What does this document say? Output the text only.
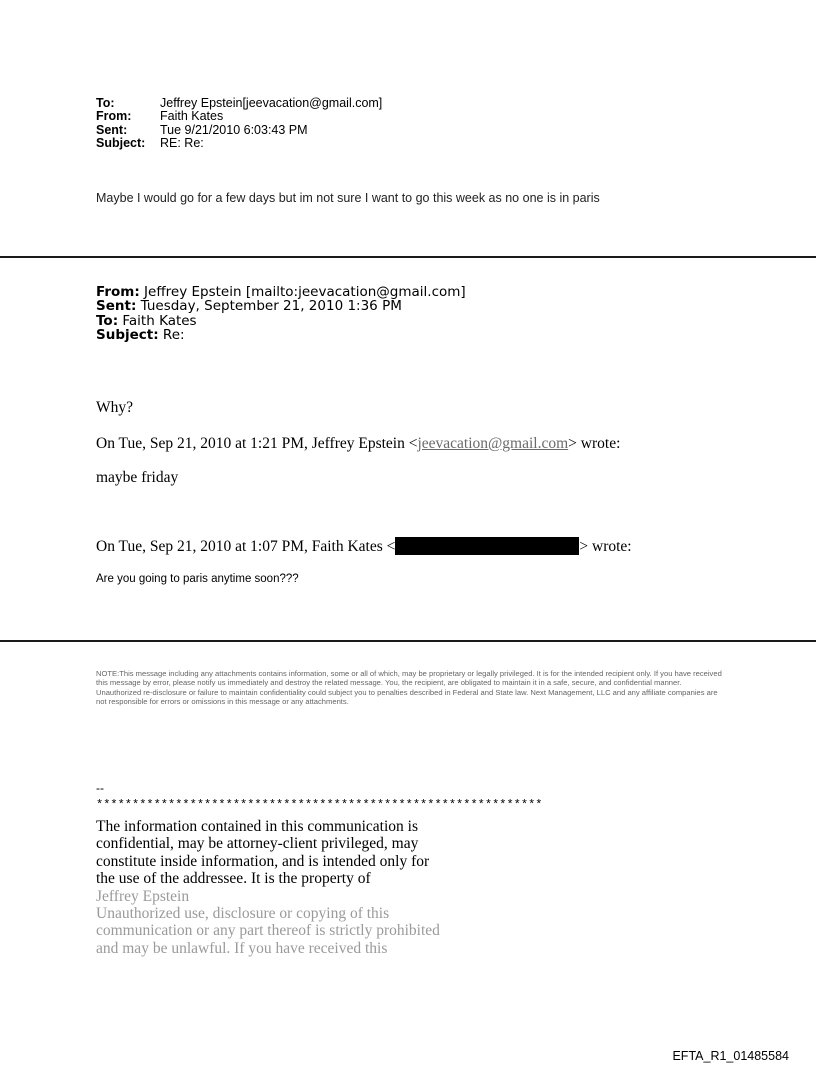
To:	Jeffrey Epstein[jeevacation@gmail.com]
From:	Faith Kates
Sent:	Tue 9/21/2010 6:03:43 PM
Subject:	RE: Re:
Maybe I would go for a few days but im not sure I want to go this week as no one is in paris
From: Jeffrey Epstein [mailto:jeevacation@gmail.com]
Sent: Tuesday, September 21, 2010 1:36 PM
To: Faith Kates
Subject: Re:
Why?
On Tue, Sep 21, 2010 at 1:21 PM, Jeffrey Epstein <jeevacation@gmail.com> wrote:
maybe friday
On Tue, Sep 21, 2010 at 1:07 PM, Faith Kates <	> wrote:
Are you going to paris anytime soon???
NOTE:This message including any attachments contains information, some or all of which, may be proprietary or legally privileged. It is for the intended recipient only. If you have received this message by error, please notify us immediately and destroy the related message. You, the recipient, are obligated to maintain it in a safe, secure, and confidential manner. Unauthorized re-disclosure or failure to maintain confidentiality could subject you to penalties described in Federal and State law. Next Management, LLC and any affiliate companies are not responsible for errors or omissions in this message or any attachments.
--
**************************************************************
The information contained in this communication is
confidential, may be attorney-client privileged, may
constitute inside information, and is intended only for
the use of the addressee. It is the property of
Jeffrey Epstein
Unauthorized use, disclosure or copying of this
communication or any part thereof is strictly prohibited
and may be unlawful. If you have received this
EFTA_R1_01485584
